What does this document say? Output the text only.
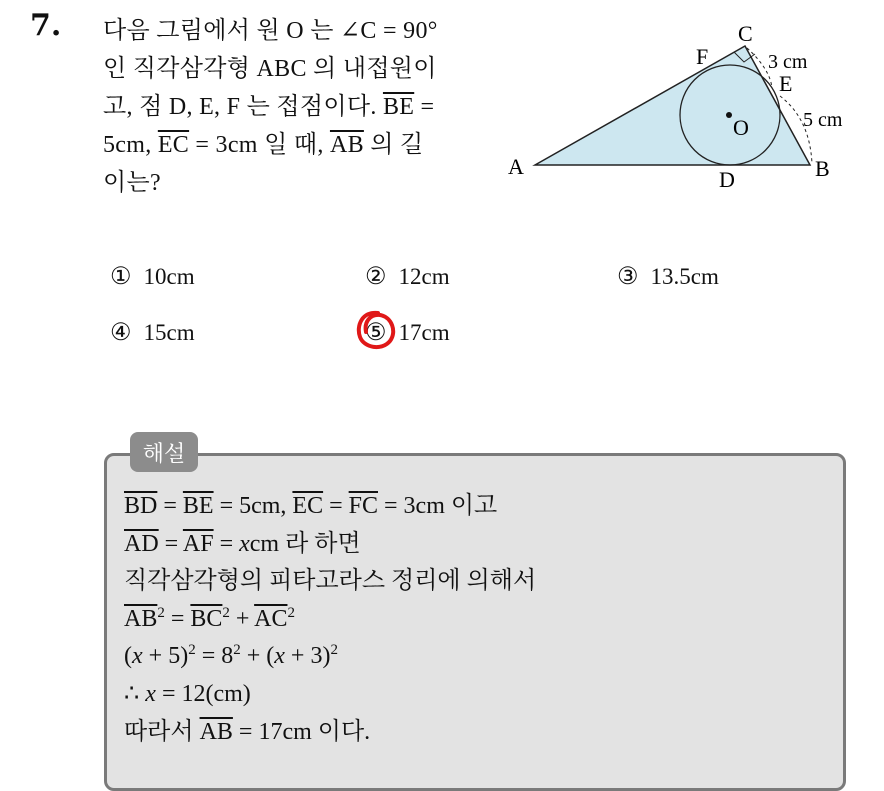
7. 다음 그림에서 원 O 는 ∠C = 90°
인 직각삼각형 ABC 의 내접원이
고, 점 D, E, F 는 접점이다. $\overline{BE}$ =
5cm, $\overline{EC} = 3cm$ 일 때, $\overline{AB}$ 의 길
이는?
A	B
C
D
E
F
O
3 cm
5 cm
① 10cm	② 12cm	③ 13.5cm
④ 15cm	⑤ 17cm
해설
$\overline{BD} = \overline{BE} = 5cm$, $\overline{EC} = \overline{FC} = 3cm$ 이고
$\overline{AD} = \overline{AF}$ = xcm 라 하면
직각삼각형의 피타고라스 정리에 의해서
$\overline{AB}^2 = \overline{BC}^2 + \overline{AC}^2$
$(x + 5)^2 = 8^2 + (x + 3)^2$
∴ x = 12(cm)
따라서 $\overline{AB} = 17cm$ 이다.
